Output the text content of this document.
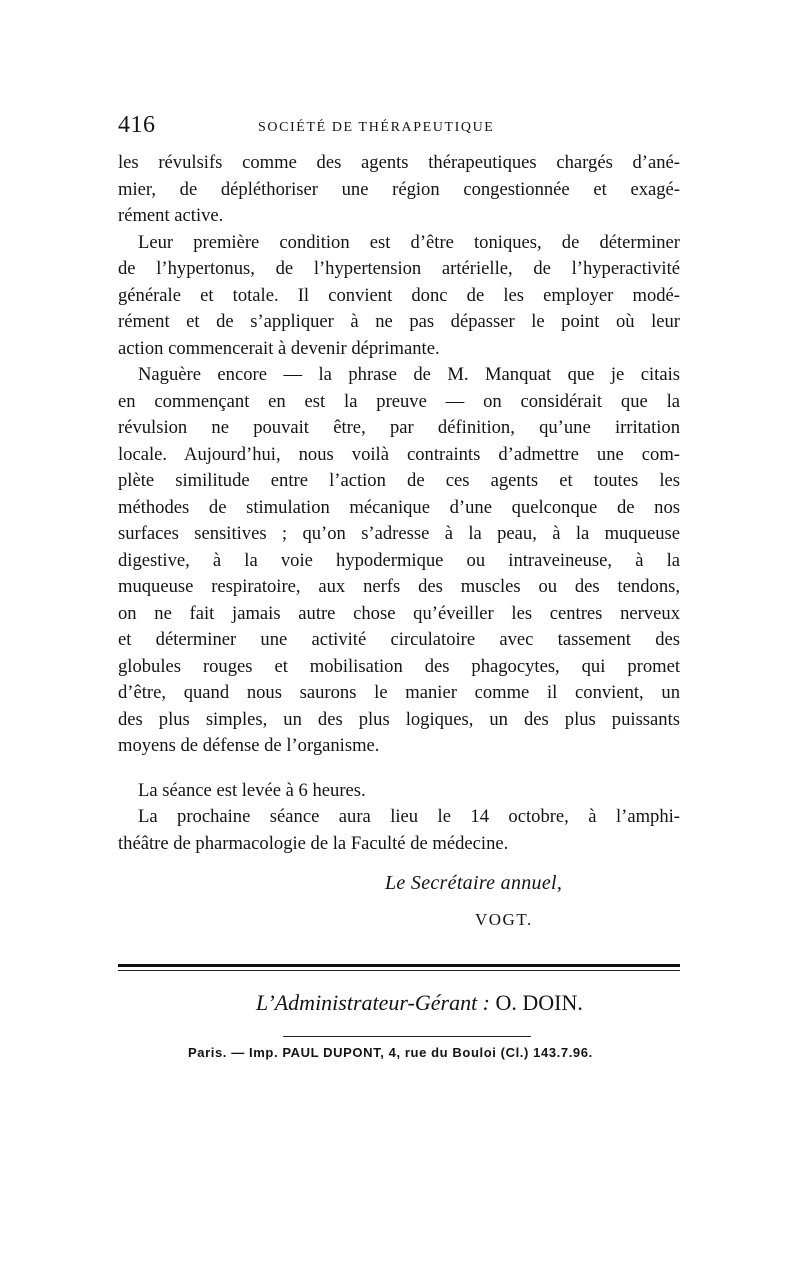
416	SOCIÉTÉ DE THÉRAPEUTIQUE
les révulsifs comme des agents thérapeutiques chargés d’ané-
mier, de dépléthoriser une région congestionnée et exagé-
rément active.
Leur première condition est d’être toniques, de déterminer
de l’hypertonus, de l’hypertension artérielle, de l’hyperactivité
générale et totale. Il convient donc de les employer modé-
rément et de s’appliquer à ne pas dépasser le point où leur
action commencerait à devenir déprimante.
Naguère encore — la phrase de M. Manquat que je citais
en commençant en est la preuve — on considérait que la
révulsion ne pouvait être, par définition, qu’une irritation
locale. Aujourd’hui, nous voilà contraints d’admettre une com-
plète similitude entre l’action de ces agents et toutes les
méthodes de stimulation mécanique d’une quelconque de nos
surfaces sensitives ; qu’on s’adresse à la peau, à la muqueuse
digestive, à la voie hypodermique ou intraveineuse, à la
muqueuse respiratoire, aux nerfs des muscles ou des tendons,
on ne fait jamais autre chose qu’éveiller les centres nerveux
et déterminer une activité circulatoire avec tassement des
globules rouges et mobilisation des phagocytes, qui promet
d’être, quand nous saurons le manier comme il convient, un
des plus simples, un des plus logiques, un des plus puissants
moyens de défense de l’organisme.
La séance est levée à 6 heures.
La prochaine séance aura lieu le 14 octobre, à l’amphi-
théâtre de pharmacologie de la Faculté de médecine.
Le Secrétaire annuel,
VOGT.
L’Administrateur-Gérant : O. DOIN.
Paris. — Imp. PAUL DUPONT, 4, rue du Bouloi (Cl.) 143.7.96.
